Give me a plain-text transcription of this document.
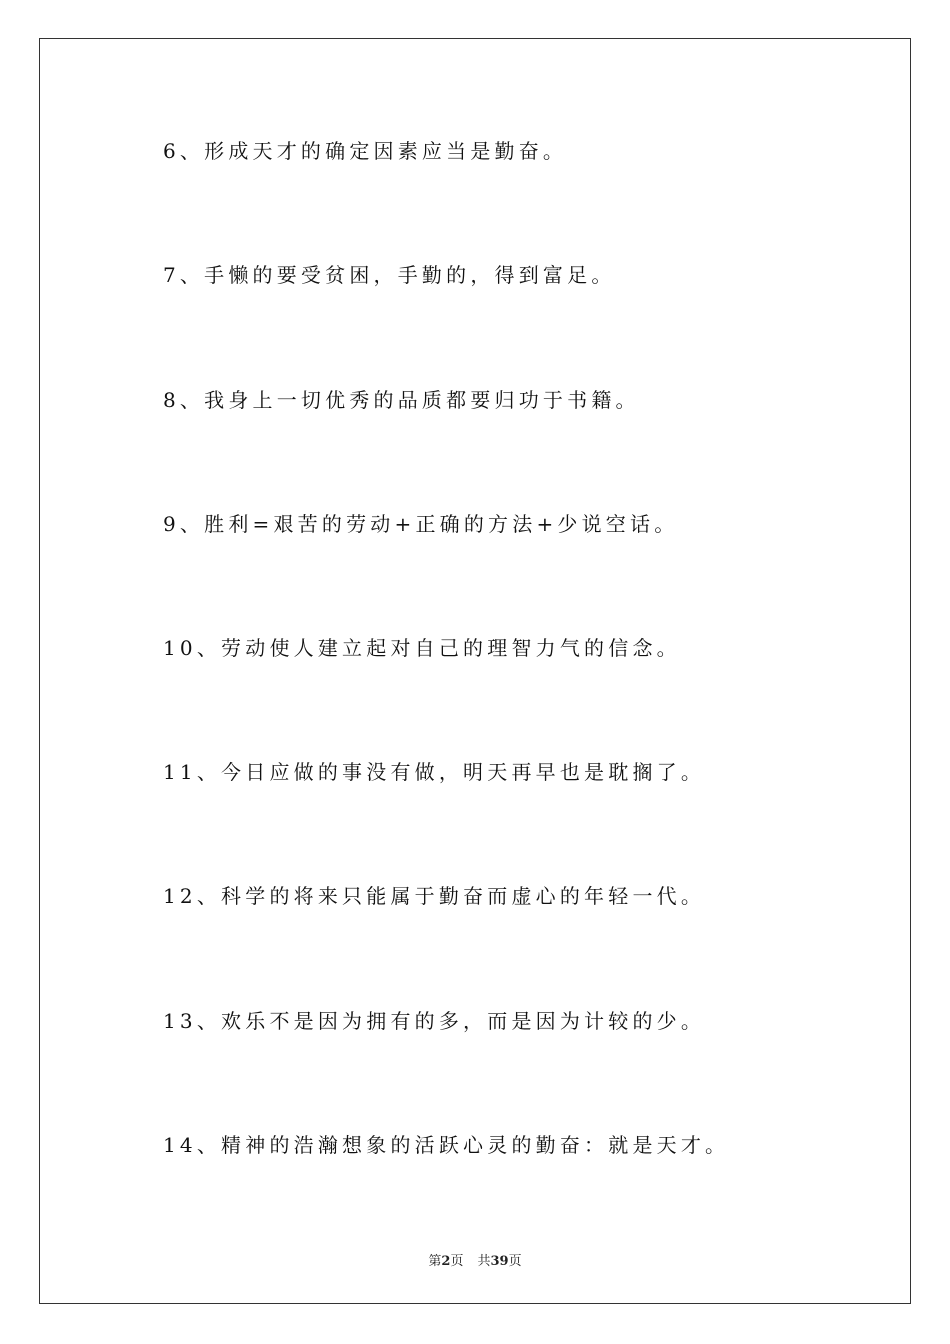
6、形成天才的确定因素应当是勤奋。
7、手懒的要受贫困，手勤的，得到富足。
8、我身上一切优秀的品质都要归功于书籍。
9、胜利=艰苦的劳动+正确的方法+少说空话。
10、劳动使人建立起对自己的理智力气的信念。
11、今日应做的事没有做，明天再早也是耽搁了。
12、科学的将来只能属于勤奋而虚心的年轻一代。
13、欢乐不是因为拥有的多，而是因为计较的少。
14、精神的浩瀚想象的活跃心灵的勤奋：就是天才。
第2页 共39页
